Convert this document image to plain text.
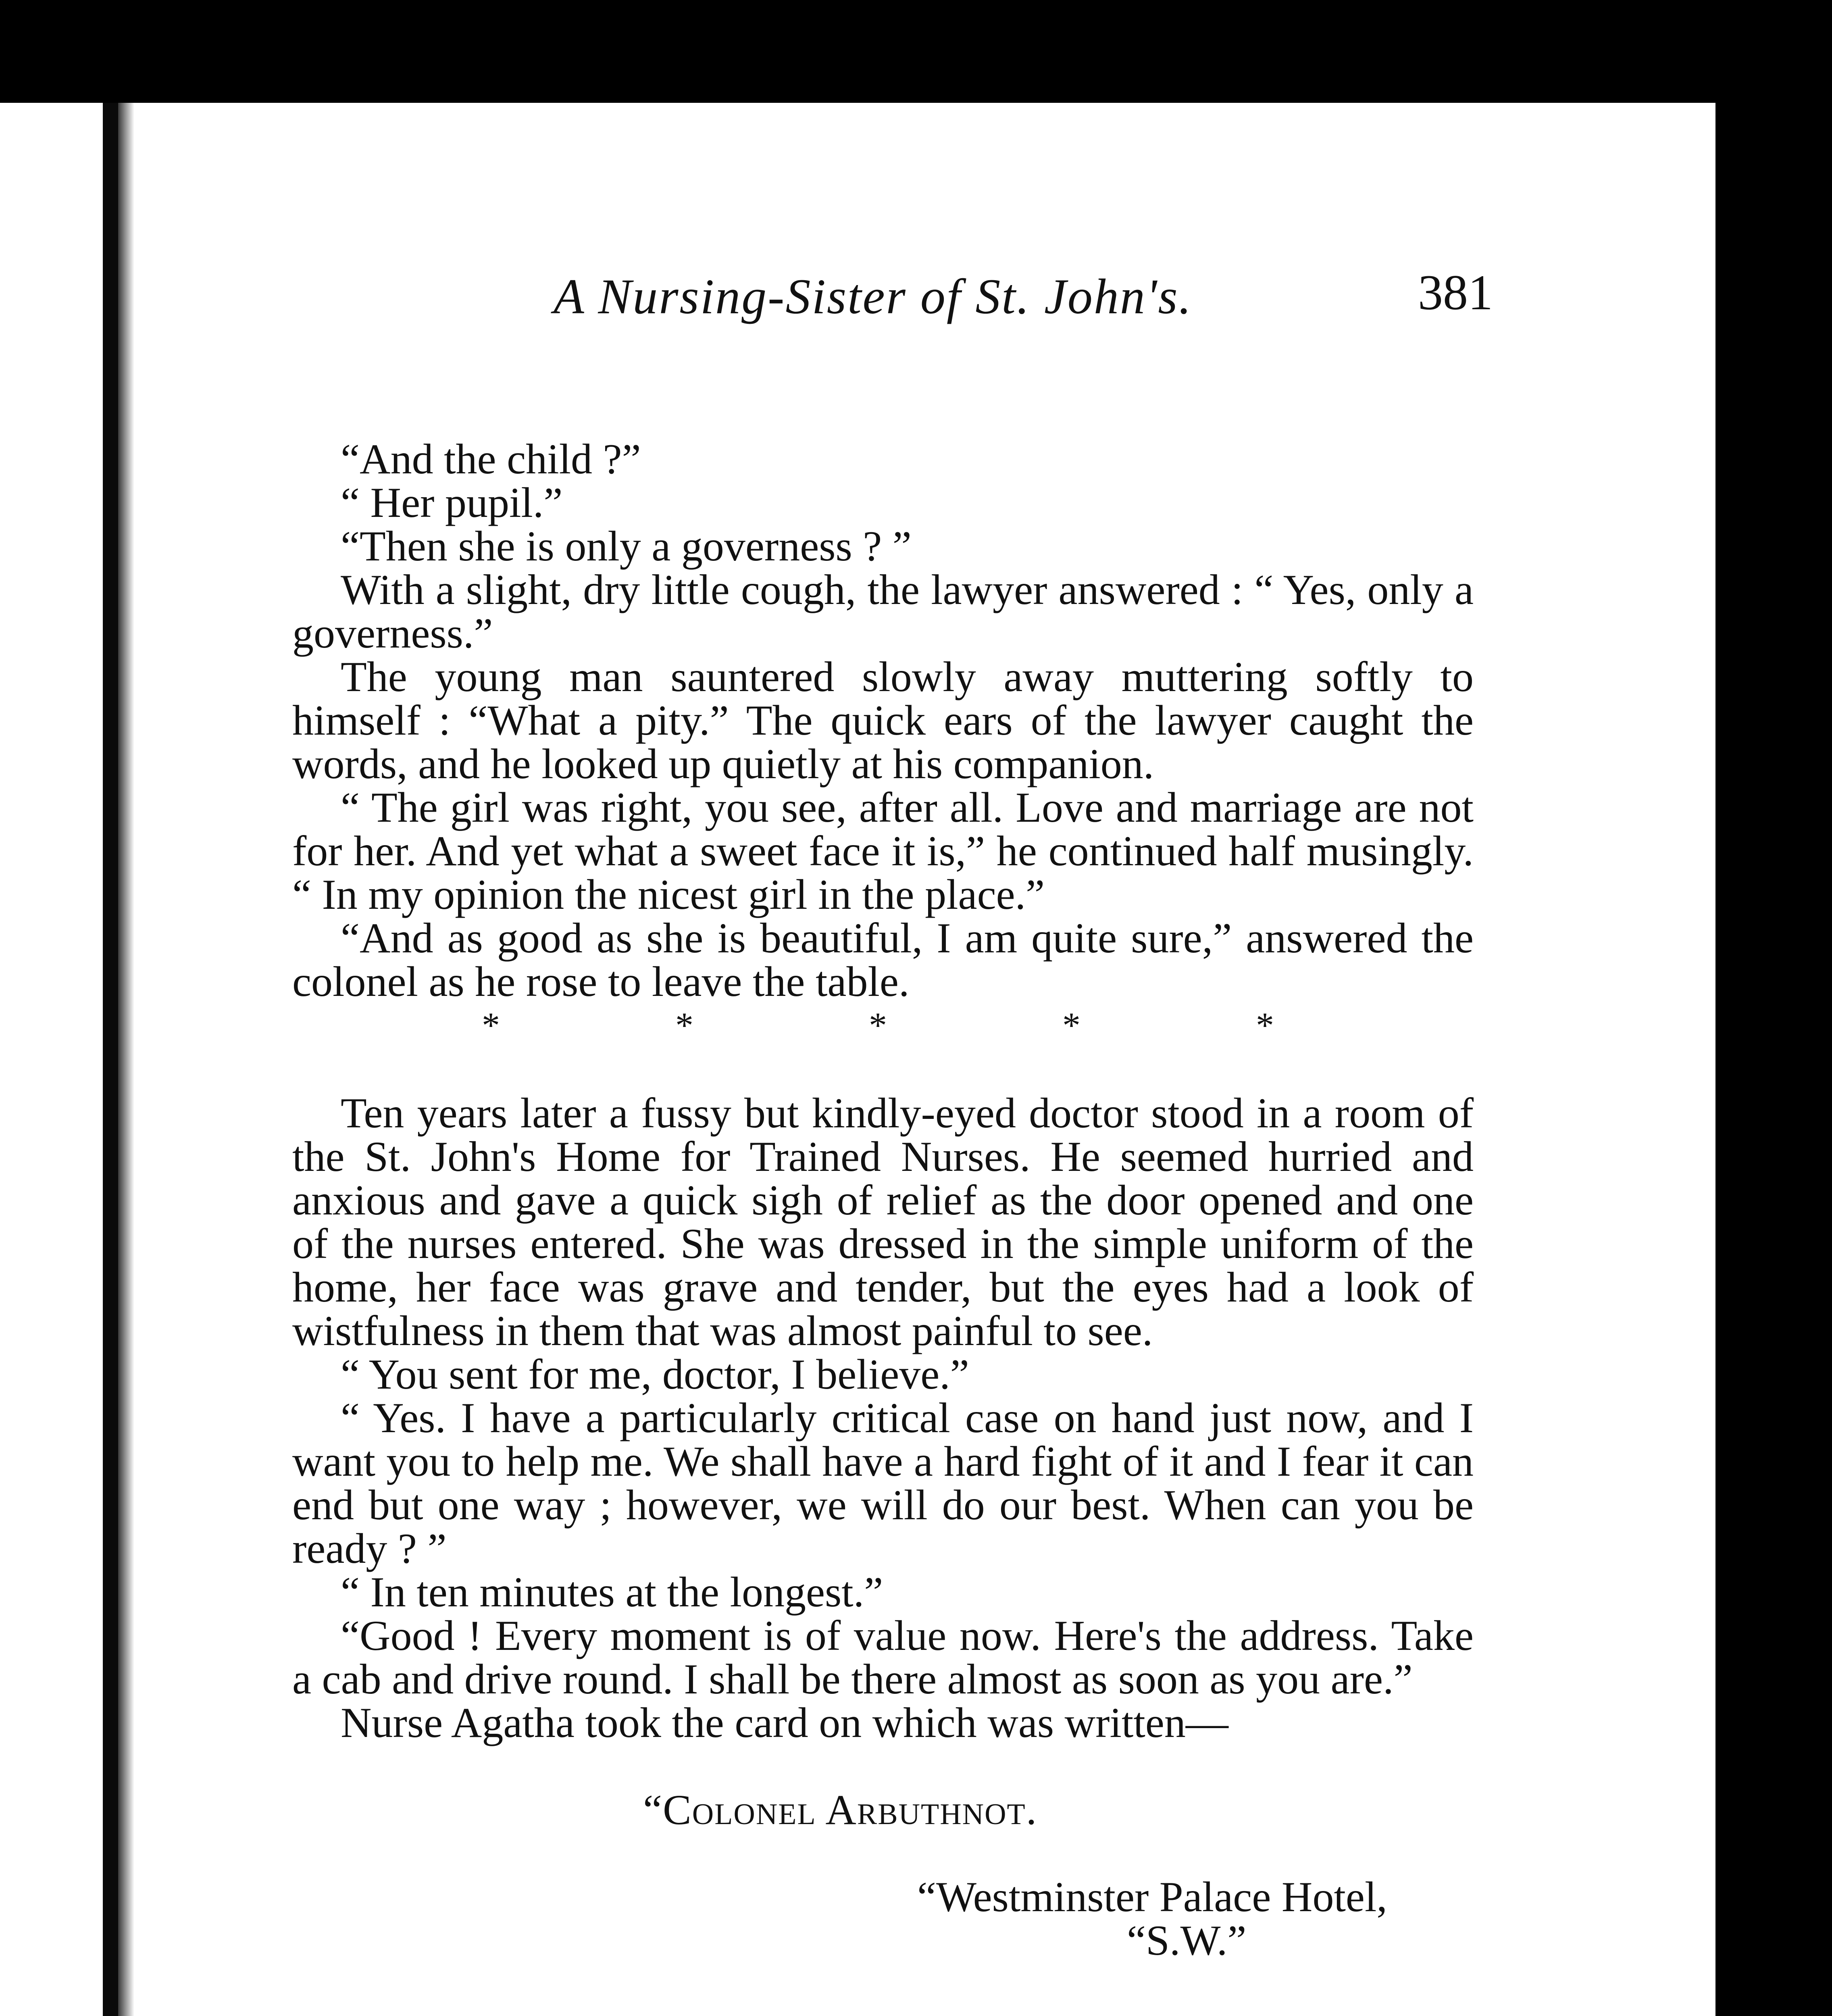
A Nursing-Sister of St. John's.	381

“And the child ?”

“ Her pupil.”

“Then she is only a governess ? ”

With a slight, dry little cough, the lawyer answered : “ Yes, only a governess.”

The young man sauntered slowly away muttering softly to himself : “What a pity.” The quick ears of the lawyer caught the words, and he looked up quietly at his companion.

“ The girl was right, you see, after all. Love and marriage are not for her. And yet what a sweet face it is,” he continued half musingly. “ In my opinion the nicest girl in the place.”

“And as good as she is beautiful, I am quite sure,” answered the colonel as he rose to leave the table.

*	*	*	*	*

Ten years later a fussy but kindly-eyed doctor stood in a room of the St. John's Home for Trained Nurses. He seemed hurried and anxious and gave a quick sigh of relief as the door opened and one of the nurses entered. She was dressed in the simple uniform of the home, her face was grave and tender, but the eyes had a look of wistfulness in them that was almost painful to see.

“ You sent for me, doctor, I believe.”

“ Yes. I have a particularly critical case on hand just now, and I want you to help me. We shall have a hard fight of it and I fear it can end but one way ; however, we will do our best. When can you be ready ? ”

“ In ten minutes at the longest.”

“Good ! Every moment is of value now. Here's the address. Take a cab and drive round. I shall be there almost as soon as you are.”

Nurse Agatha took the card on which was written—

“Colonel Arbuthnot.
“Westminster Palace Hotel,
“S.W.”
